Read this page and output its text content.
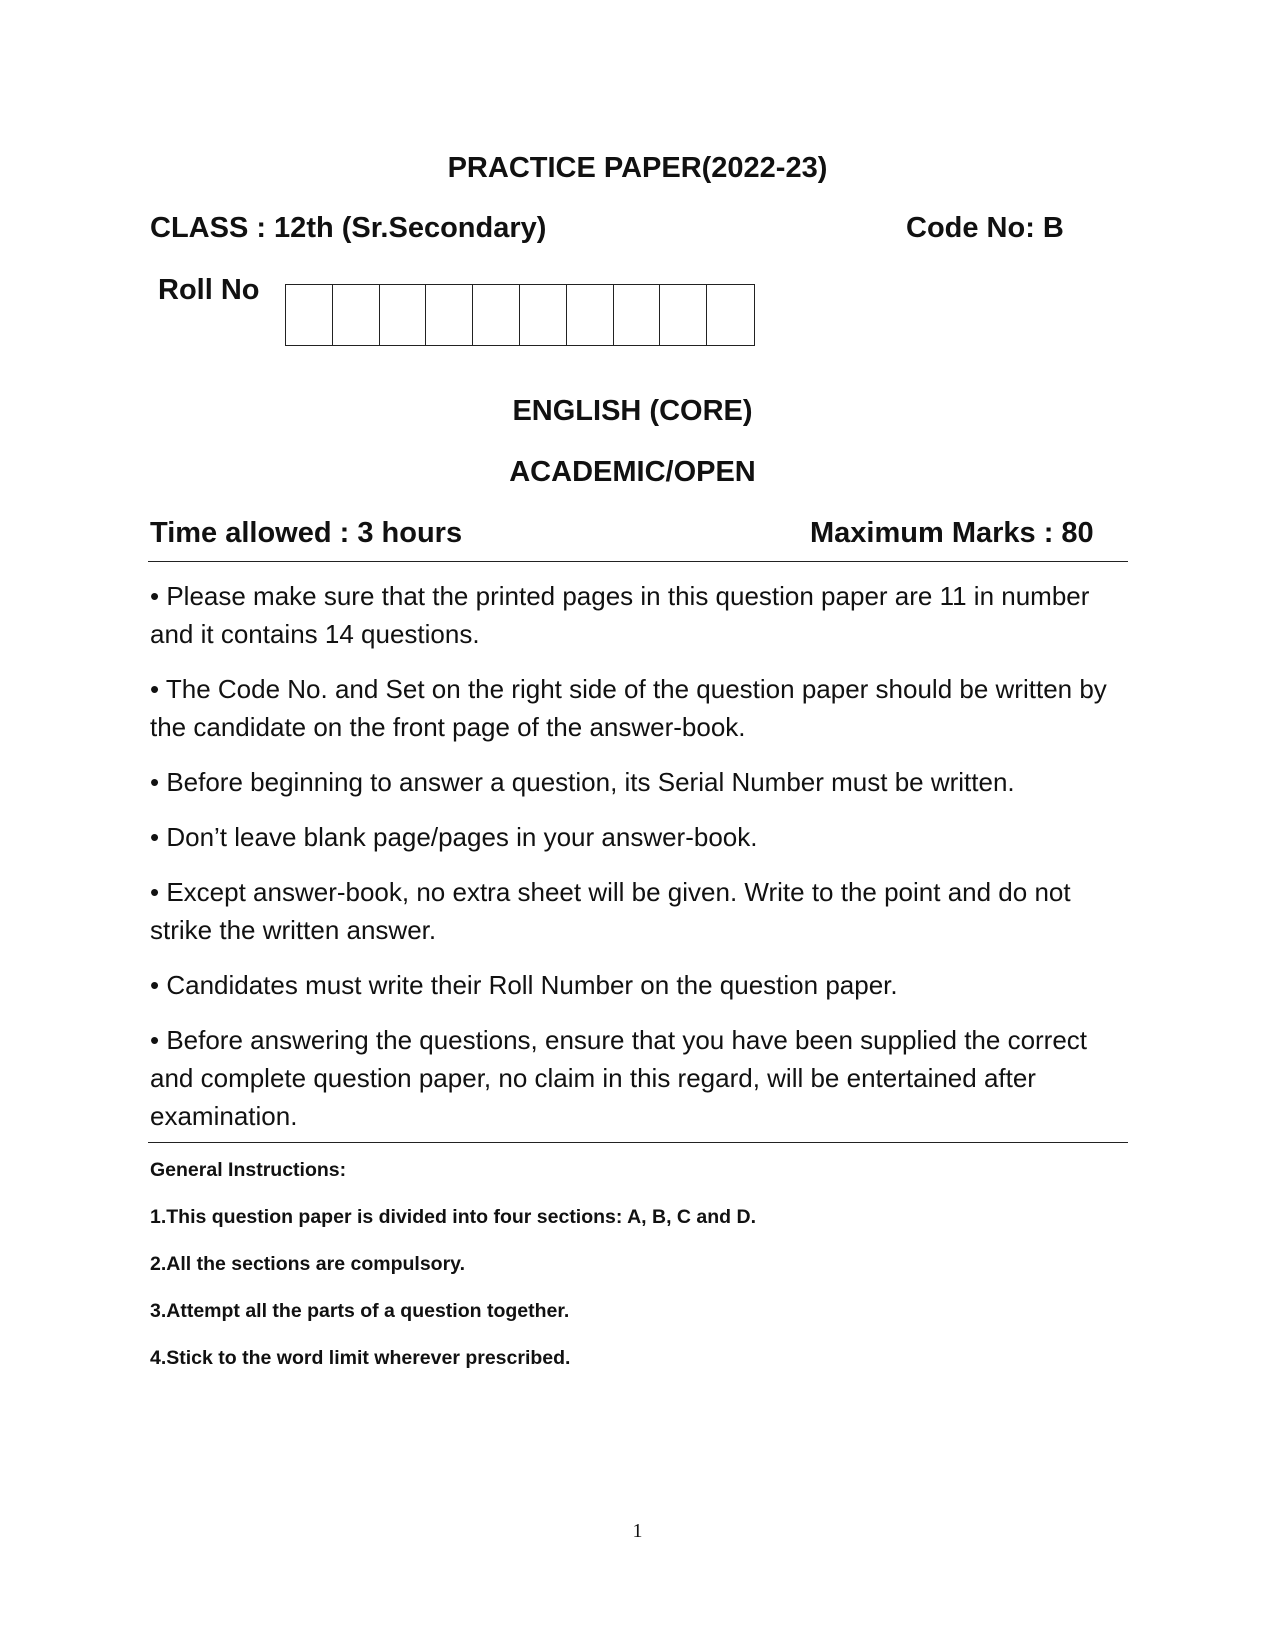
PRACTICE PAPER(2022-23)
CLASS : 12th (Sr.Secondary)	Code No: B
Roll No
ENGLISH (CORE)
ACADEMIC/OPEN
Time allowed : 3 hours	Maximum Marks : 80

• Please make sure that the printed pages in this question paper are 11 in number and it contains 14 questions.

• The Code No. and Set on the right side of the question paper should be written by the candidate on the front page of the answer-book.

• Before beginning to answer a question, its Serial Number must be written.

• Don’t leave blank page/pages in your answer-book.

• Except answer-book, no extra sheet will be given. Write to the point and do not strike the written answer.

• Candidates must write their Roll Number on the question paper.

• Before answering the questions, ensure that you have been supplied the correct and complete question paper, no claim in this regard, will be entertained after examination.

General Instructions:

1.This question paper is divided into four sections: A, B, C and D.

2.All the sections are compulsory.

3.Attempt all the parts of a question together.

4.Stick to the word limit wherever prescribed.

1
